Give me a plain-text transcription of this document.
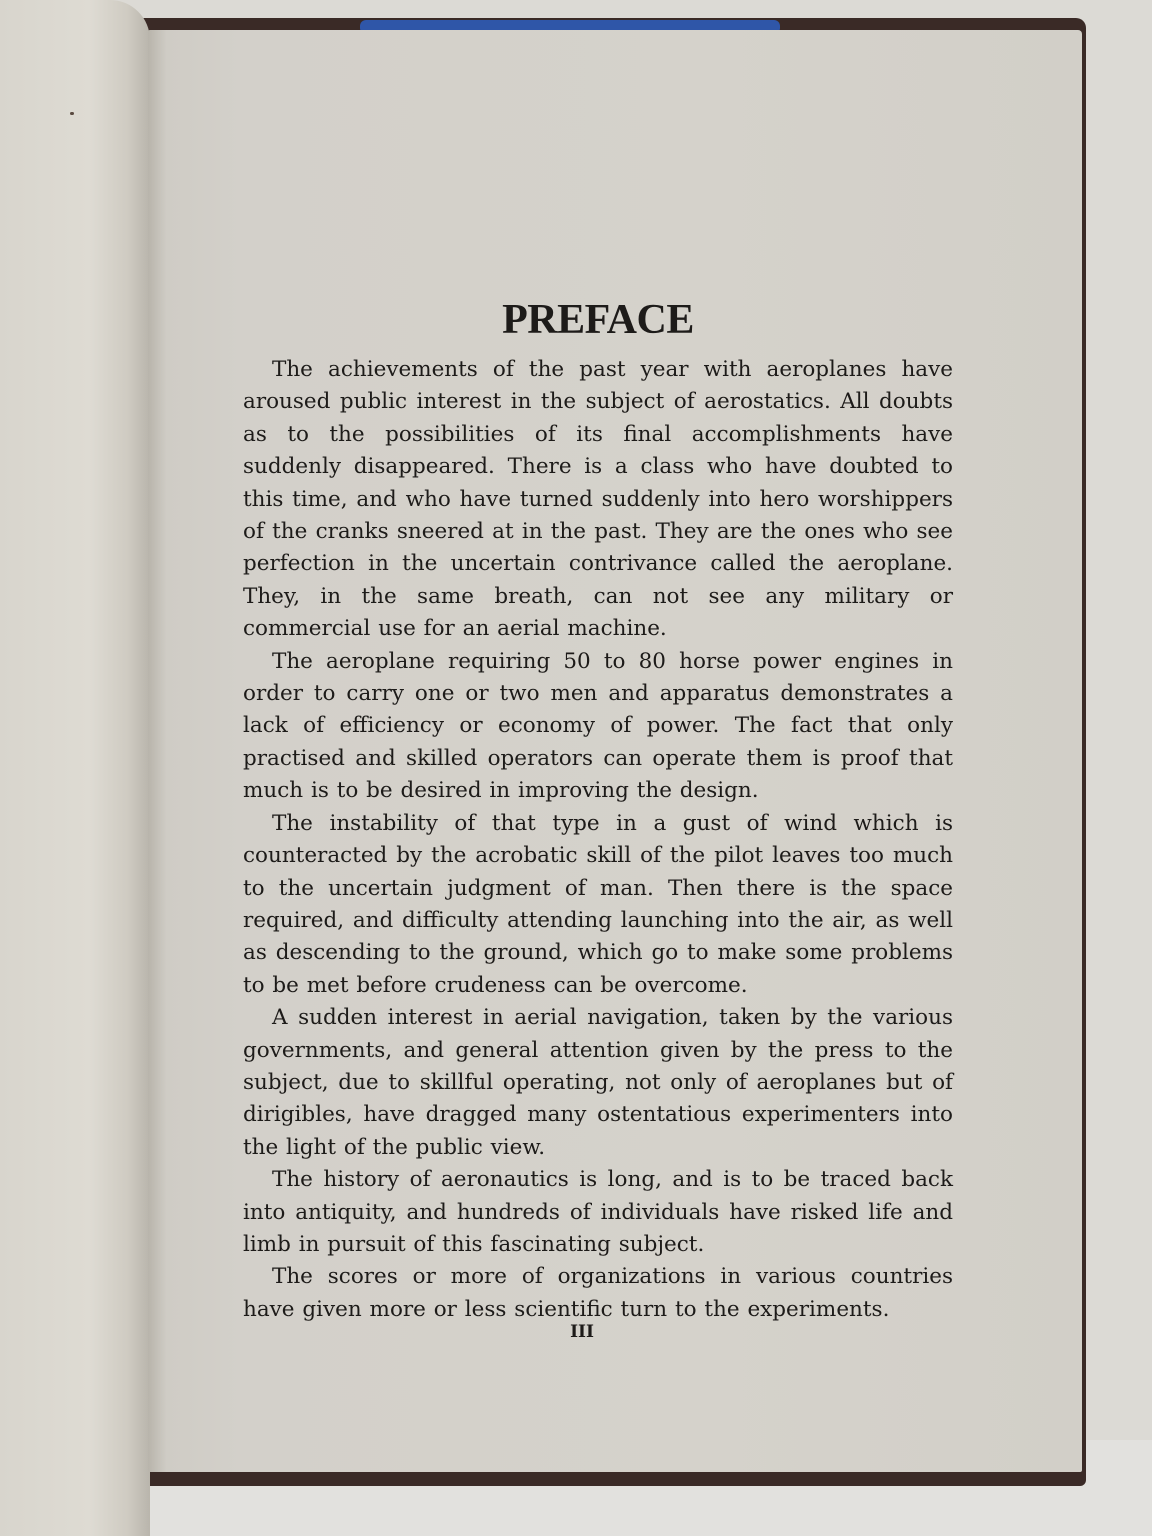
PREFACE

The achievements of the past year with aeroplanes have aroused public interest in the subject of aerostatics. All doubts as to the possibilities of its final accomplishments have suddenly disappeared. There is a class who have doubted to this time, and who have turned suddenly into hero worshippers of the cranks sneered at in the past. They are the ones who see perfection in the uncertain contrivance called the aeroplane. They, in the same breath, can not see any military or commercial use for an aerial machine.

The aeroplane requiring 50 to 80 horse power engines in order to carry one or two men and apparatus demonstrates a lack of efficiency or economy of power. The fact that only practised and skilled operators can operate them is proof that much is to be desired in improving the design.

The instability of that type in a gust of wind which is counteracted by the acrobatic skill of the pilot leaves too much to the uncertain judgment of man. Then there is the space required, and difficulty attending launching into the air, as well as descending to the ground, which go to make some problems to be met before crudeness can be overcome.

A sudden interest in aerial navigation, taken by the various governments, and general attention given by the press to the subject, due to skillful operating, not only of aeroplanes but of dirigibles, have dragged many ostentatious experimenters into the light of the public view.

The history of aeronautics is long, and is to be traced back into antiquity, and hundreds of individuals have risked life and limb in pursuit of this fascinating subject.

The scores or more of organizations in various countries have given more or less scientific turn to the experiments.

III
